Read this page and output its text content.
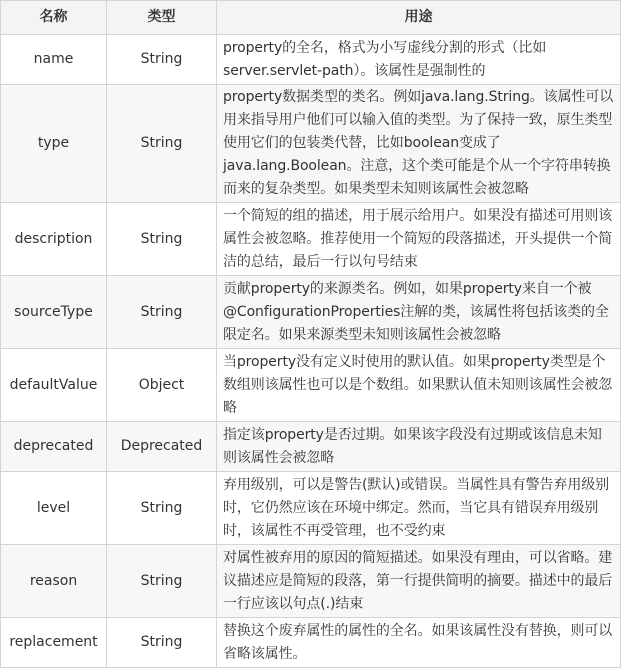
名称	类型	用途
name	String	property的全名，格式为小写虚线分割的形式（比如server.servlet-path）。该属性是强制性的
type	String	property数据类型的类名。例如java.lang.String。该属性可以用来指导用户他们可以输入值的类型。为了保持一致，原生类型使用它们的包装类代替，比如boolean变成了java.lang.Boolean。注意，这个类可能是个从一个字符串转换而来的复杂类型。如果类型未知则该属性会被忽略
description	String	一个简短的组的描述，用于展示给用户。如果没有描述可用则该属性会被忽略。推荐使用一个简短的段落描述，开头提供一个简洁的总结，最后一行以句号结束
sourceType	String	贡献property的来源类名。例如，如果property来自一个被@ConfigurationProperties注解的类，该属性将包括该类的全限定名。如果来源类型未知则该属性会被忽略
defaultValue	Object	当property没有定义时使用的默认值。如果property类型是个数组则该属性也可以是个数组。如果默认值未知则该属性会被忽略
deprecated	Deprecated	指定该property是否过期。如果该字段没有过期或该信息未知则该属性会被忽略
level	String	弃用级别，可以是警告(默认)或错误。当属性具有警告弃用级别时，它仍然应该在环境中绑定。然而，当它具有错误弃用级别时，该属性不再受管理，也不受约束
reason	String	对属性被弃用的原因的简短描述。如果没有理由，可以省略。建议描述应是简短的段落，第一行提供简明的摘要。描述中的最后一行应该以句点(.)结束
replacement	String	替换这个废弃属性的属性的全名。如果该属性没有替换，则可以省略该属性。
